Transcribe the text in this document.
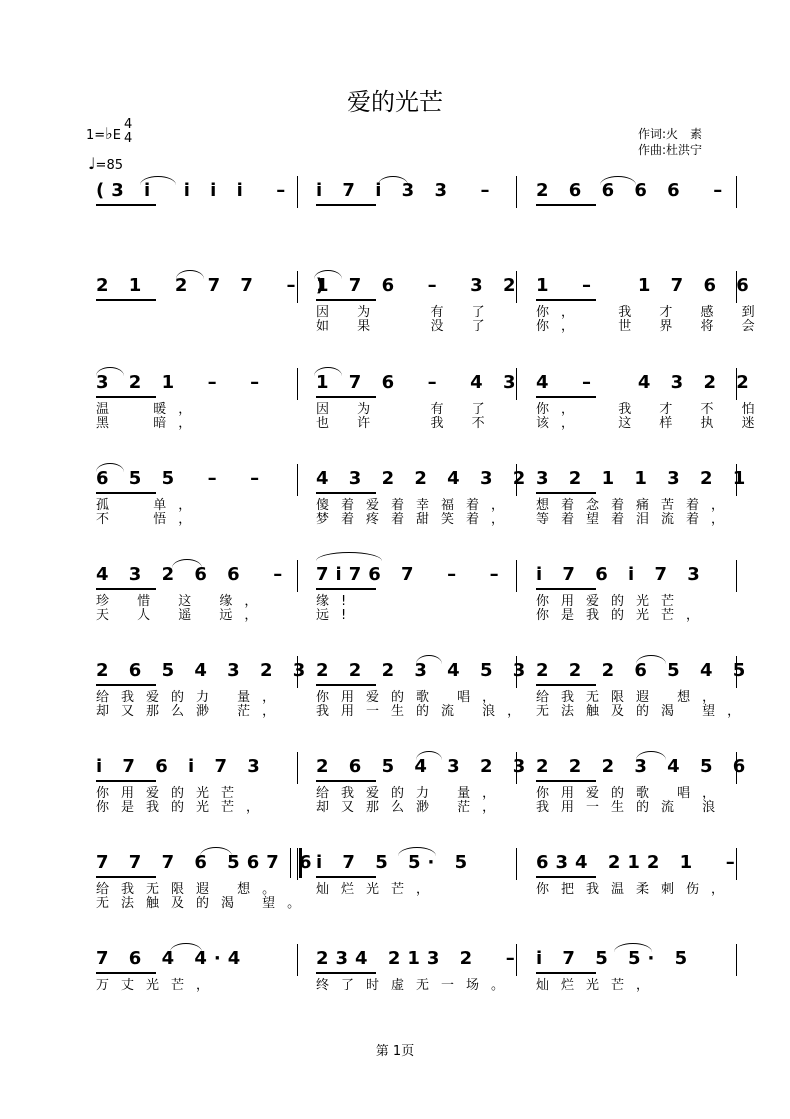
爱的光芒
1=♭E
4
4
♩=85
作词:火　素
作曲:杜洪宁
(3 i  i i i  – i 7 i 3 3  – 2 6 6 6 6  –
2 1  2 7 7  – )
1 7 6  –  3 2
因 为   有 了
如 果   没 了
1  –   1 7 6 6
你，  我 才 感 到
你，  世 界 将 会
3 2 1  –  –
温  暖，
黑  暗，
1 7 6  –  4 3
因 为   有 了
也 许   我 不
4  –   4 3 2 2
你，  我 才 不 怕
该，  这 样 执 迷
6 5 5  –  –
孤  单，
不  悟，
4 3 2 2 4 3 2
傻着爱着幸福着，
梦着疼着甜笑着，
3 2 1 1 3 2 1
想着念着痛苦着，
等着望着泪流着，
4 3 2 6 6  –
珍 惜 这 缘，
天 人 遥 远，
7i76 7  –  –
缘!
远!
i 7 6 i 7 3
你用爱的光芒
你是我的光芒，
2 6 5 4 3 2 3
给我爱的力 量，
却又那么渺 茫，
2 2 2 3 4 5 3
你用爱的歌 唱，
我用一生的流 浪，
2 2 2 6 5 4 5
给我无限遐 想，
无法触及的渴 望，
i 7 6 i 7 3
你用爱的光芒
你是我的光芒，
2 6 5 4 3 2 3
给我爱的力 量，
却又那么渺 茫，
2 2 2 3 4 5 6
你用爱的歌 唱，
我用一生的流 浪
7 7 7 6 567 6
给我无限遐 想。
无法触及的渴 望。
i 7 5 5· 5
灿烂光芒，
634 212 1  –
你把我温柔刺伤，
7 6 4 4·4
万丈光芒，
234 213 2  –
终了时虚无一场。
i 7 5 5· 5
灿烂光芒，
第 1页
